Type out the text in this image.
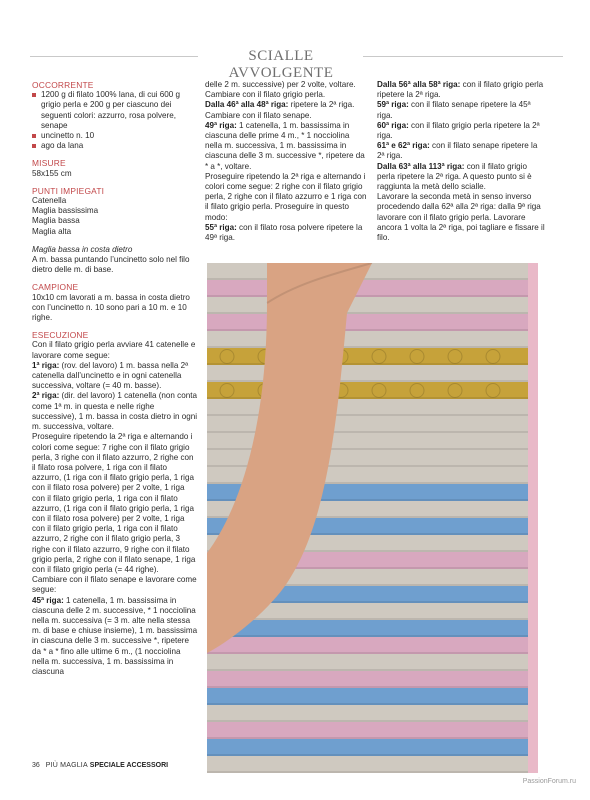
SCIALLE AVVOLGENTE
OCCORRENTE
1200 g di filato 100% lana, di cui 600 g grigio perla e 200 g per ciascuno dei seguenti colori: azzurro, rosa polvere, senape
uncinetto n. 10
ago da lana
MISURE

58x155 cm

PUNTI IMPIEGATI

Catenella

Maglia bassissima

Maglia bassa

Maglia alta

Maglia bassa in costa dietro

A m. bassa puntando l’uncinetto solo nel filo dietro delle m. di base.

CAMPIONE

10x10 cm lavorati a m. bassa in costa dietro con l’uncinetto n. 10 sono pari a 10 m. e 10 righe.

ESECUZIONE

Con il filato grigio perla avviare 41 catenelle e lavorare come segue:

1ª riga: (rov. del lavoro) 1 m. bassa nella 2ª catenella dall’uncinetto e in ogni catenella successiva, voltare (= 40 m. basse).

2ª riga: (dir. del lavoro) 1 catenella (non conta come 1ª m. in questa e nelle righe successive), 1 m. bassa in costa dietro in ogni m. successiva, voltare.

Proseguire ripetendo la 2ª riga e alternando i colori come segue: 7 righe con il filato grigio perla, 3 righe con il filato azzurro, 2 righe con il filato rosa polvere, 1 riga con il filato azzurro, (1 riga con il filato grigio perla, 1 riga con il filato rosa polvere) per 2 volte, 1 riga con il filato grigio perla, 1 riga con il filato azzurro, (1 riga con il filato grigio perla, 1 riga con il filato rosa polvere) per 2 volte, 1 riga con il filato grigio perla, 1 riga con il filato azzurro, 2 righe con il filato grigio perla, 3 righe con il filato azzurro, 9 righe con il filato grigio perla, 2 righe con il filato senape, 1 riga con il filato grigio perla (= 44 righe).

Cambiare con il filato senape e lavorare come segue:

45ª riga: 1 catenella, 1 m. bassissima in ciascuna delle 2 m. successive, * 1 nocciolina nella m. successiva (= 3 m. alte nella stessa m. di base e chiuse insieme), 1 m. bassissima in ciascuna delle 3 m. successive *, ripetere da * a * fino alle ultime 6 m., (1 nocciolina nella m. successiva, 1 m. bassissima in ciascuna

delle 2 m. successive) per 2 volte, voltare. Cambiare con il filato grigio perla.

Dalla 46ª alla 48ª riga: ripetere la 2ª riga. Cambiare con il filato senape.

49ª riga: 1 catenella, 1 m. bassissima in ciascuna delle prime 4 m., * 1 nocciolina nella m. successiva, 1 m. bassissima in ciascuna delle 3 m. successive *, ripetere da * a *, voltare.

Proseguire ripetendo la 2ª riga e alternando i colori come segue: 2 righe con il filato grigio perla, 2 righe con il filato azzurro e 1 riga con il filato grigio perla. Proseguire in questo modo:

55ª riga: con il filato rosa polvere ripetere la 49ª riga.

Dalla 56ª alla 58ª riga: con il filato grigio perla ripetere la 2ª riga.

59ª riga: con il filato senape ripetere la 45ª riga.

60ª riga: con il filato grigio perla ripetere la 2ª riga.

61ª e 62ª riga: con il filato senape ripetere la 2ª riga.

Dalla 63ª alla 113ª riga: con il filato grigio perla ripetere la 2ª riga. A questo punto si è raggiunta la metà dello scialle.

Lavorare la seconda metà in senso inverso procedendo dalla 62ª alla 2ª riga: dalla 9ª riga lavorare con il filato grigio perla. Lavorare ancora 1 volta la 2ª riga, poi tagliare e fissare il filo.

36 PIÙ MAGLIA SPECIALE ACCESSORI
PassionForum.ru
